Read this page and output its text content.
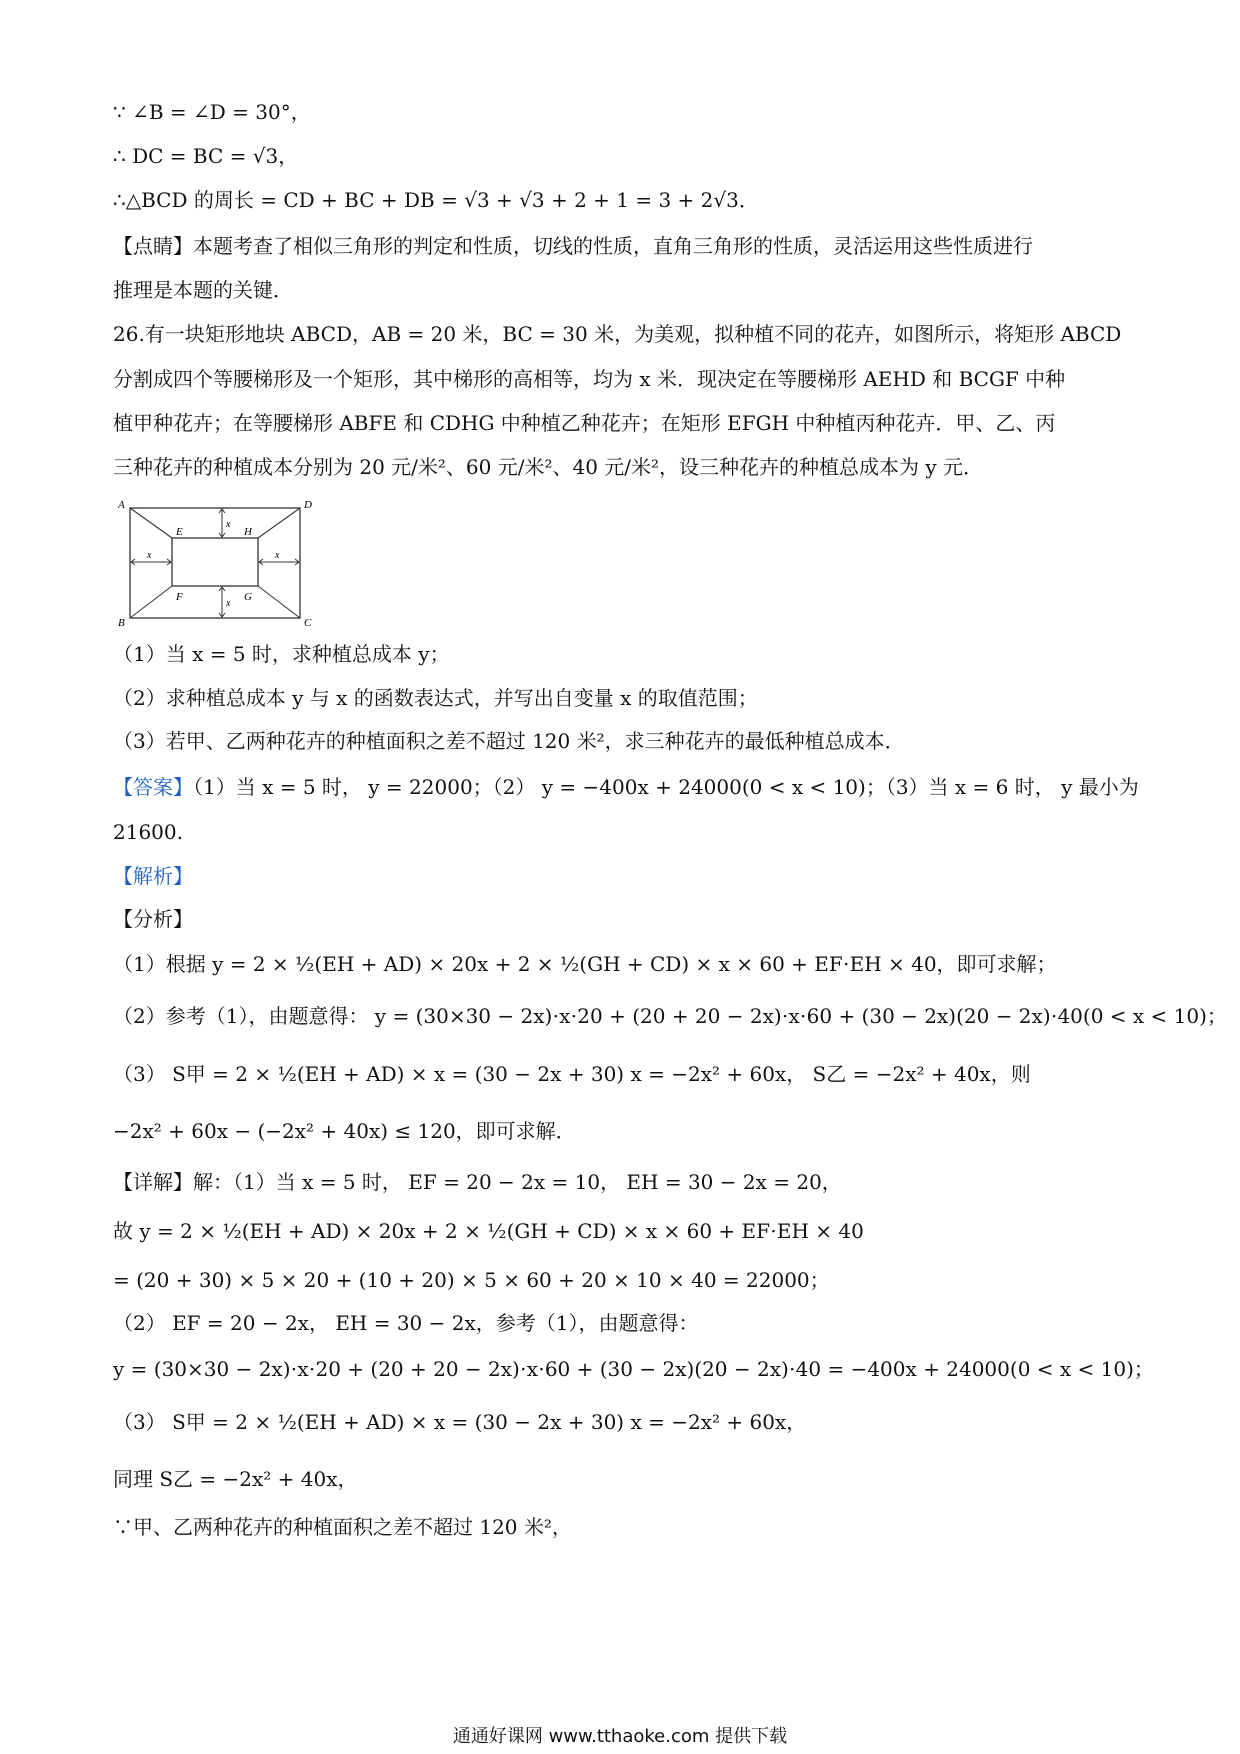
∵ ∠B = ∠D = 30°，
∴ DC = BC = √3，
∴△BCD 的周长 = CD + BC + DB = √3 + √3 + 2 + 1 = 3 + 2√3．
【点睛】本题考查了相似三角形的判定和性质，切线的性质，直角三角形的性质，灵活运用这些性质进行
推理是本题的关键．
26.有一块矩形地块 ABCD，AB = 20 米，BC = 30 米，为美观，拟种植不同的花卉，如图所示，将矩形 ABCD
分割成四个等腰梯形及一个矩形，其中梯形的高相等，均为 x 米．现决定在等腰梯形 AEHD 和 BCGF 中种
植甲种花卉；在等腰梯形 ABFE 和 CDHG 中种植乙种花卉；在矩形 EFGH 中种植丙种花卉．甲、乙、丙
三种花卉的种植成本分别为 20 元/米²、60 元/米²、40 元/米²，设三种花卉的种植总成本为 y 元．
（1）当 x = 5 时，求种植总成本 y；
（2）求种植总成本 y 与 x 的函数表达式，并写出自变量 x 的取值范围；
（3）若甲、乙两种花卉的种植面积之差不超过 120 米²，求三种花卉的最低种植总成本．
【答案】（1）当 x = 5 时， y = 22000；（2） y = −400x + 24000(0 < x < 10)；（3）当 x = 6 时， y 最小为
21600.
【解析】
【分析】
（1）根据 y = 2 × ½(EH + AD) × 20x + 2 × ½(GH + CD) × x × 60 + EF⋅EH × 40，即可求解；
（2）参考（1），由题意得： y = (30×30 − 2x)⋅x⋅20 + (20 + 20 − 2x)⋅x⋅60 + (30 − 2x)(20 − 2x)⋅40(0 < x < 10)；
（3） S甲 = 2 × ½(EH + AD) × x = (30 − 2x + 30) x = −2x² + 60x， S乙 = −2x² + 40x，则
−2x² + 60x − (−2x² + 40x) ≤ 120，即可求解．
【详解】解：（1）当 x = 5 时， EF = 20 − 2x = 10， EH = 30 − 2x = 20，
故 y = 2 × ½(EH + AD) × 20x + 2 × ½(GH + CD) × x × 60 + EF⋅EH × 40
= (20 + 30) × 5 × 20 + (10 + 20) × 5 × 60 + 20 × 10 × 40 = 22000；
（2） EF = 20 − 2x， EH = 30 − 2x，参考（1），由题意得：
y = (30×30 − 2x)⋅x⋅20 + (20 + 20 − 2x)⋅x⋅60 + (30 − 2x)(20 − 2x)⋅40 = −400x + 24000(0 < x < 10)；
（3） S甲 = 2 × ½(EH + AD) × x = (30 − 2x + 30) x = −2x² + 60x，
同理 S乙 = −2x² + 40x，
∵甲、乙两种花卉的种植面积之差不超过 120 米²，
A	D
B	C
E	H
F	G
x
x
x	x
通通好课网 www.tthaoke.com 提供下载
